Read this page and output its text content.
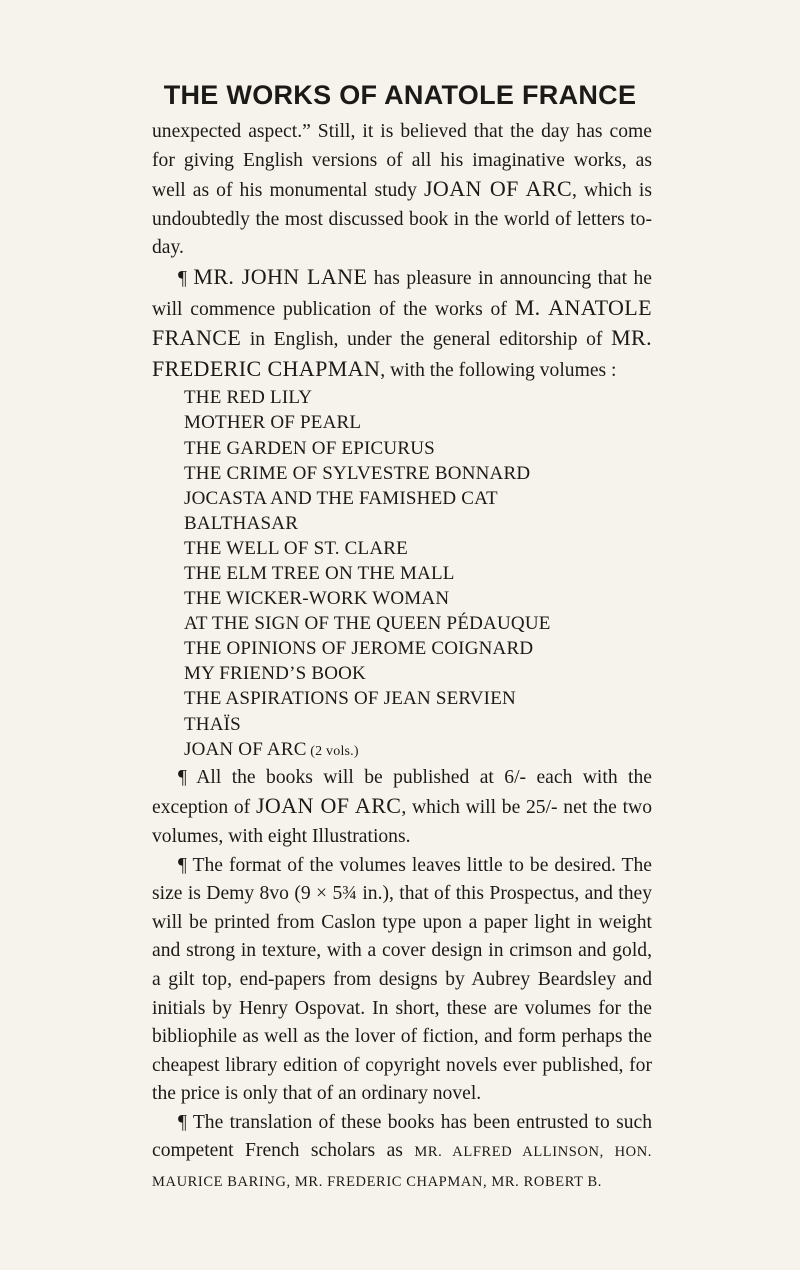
THE WORKS OF ANATOLE FRANCE

unexpected aspect.” Still, it is believed that the day has come for giving English versions of all his imaginative works, as well as of his monumental study JOAN OF ARC, which is undoubtedly the most discussed book in the world of letters to-day.

¶ MR. JOHN LANE has pleasure in announcing that he will commence publication of the works of M. ANATOLE FRANCE in English, under the general editorship of MR. FREDERIC CHAPMAN, with the following volumes :

THE RED LILY
MOTHER OF PEARL
THE GARDEN OF EPICURUS
THE CRIME OF SYLVESTRE BONNARD
JOCASTA AND THE FAMISHED CAT
BALTHASAR
THE WELL OF ST. CLARE
THE ELM TREE ON THE MALL
THE WICKER-WORK WOMAN
AT THE SIGN OF THE QUEEN PÉDAUQUE
THE OPINIONS OF JEROME COIGNARD
MY FRIEND’S BOOK
THE ASPIRATIONS OF JEAN SERVIEN
THAÏS
JOAN OF ARC (2 vols.)

¶ All the books will be published at 6/- each with the exception of JOAN OF ARC, which will be 25/- net the two volumes, with eight Illustrations.

¶ The format of the volumes leaves little to be desired. The size is Demy 8vo (9 × 5¾ in.), that of this Prospectus, and they will be printed from Caslon type upon a paper light in weight and strong in texture, with a cover design in crimson and gold, a gilt top, end-papers from designs by Aubrey Beardsley and initials by Henry Ospovat. In short, these are volumes for the bibliophile as well as the lover of fiction, and form perhaps the cheapest library edition of copyright novels ever published, for the price is only that of an ordinary novel.

¶ The translation of these books has been entrusted to such competent French scholars as MR. ALFRED ALLINSON, HON. MAURICE BARING, MR. FREDERIC CHAPMAN, MR. ROBERT B.
